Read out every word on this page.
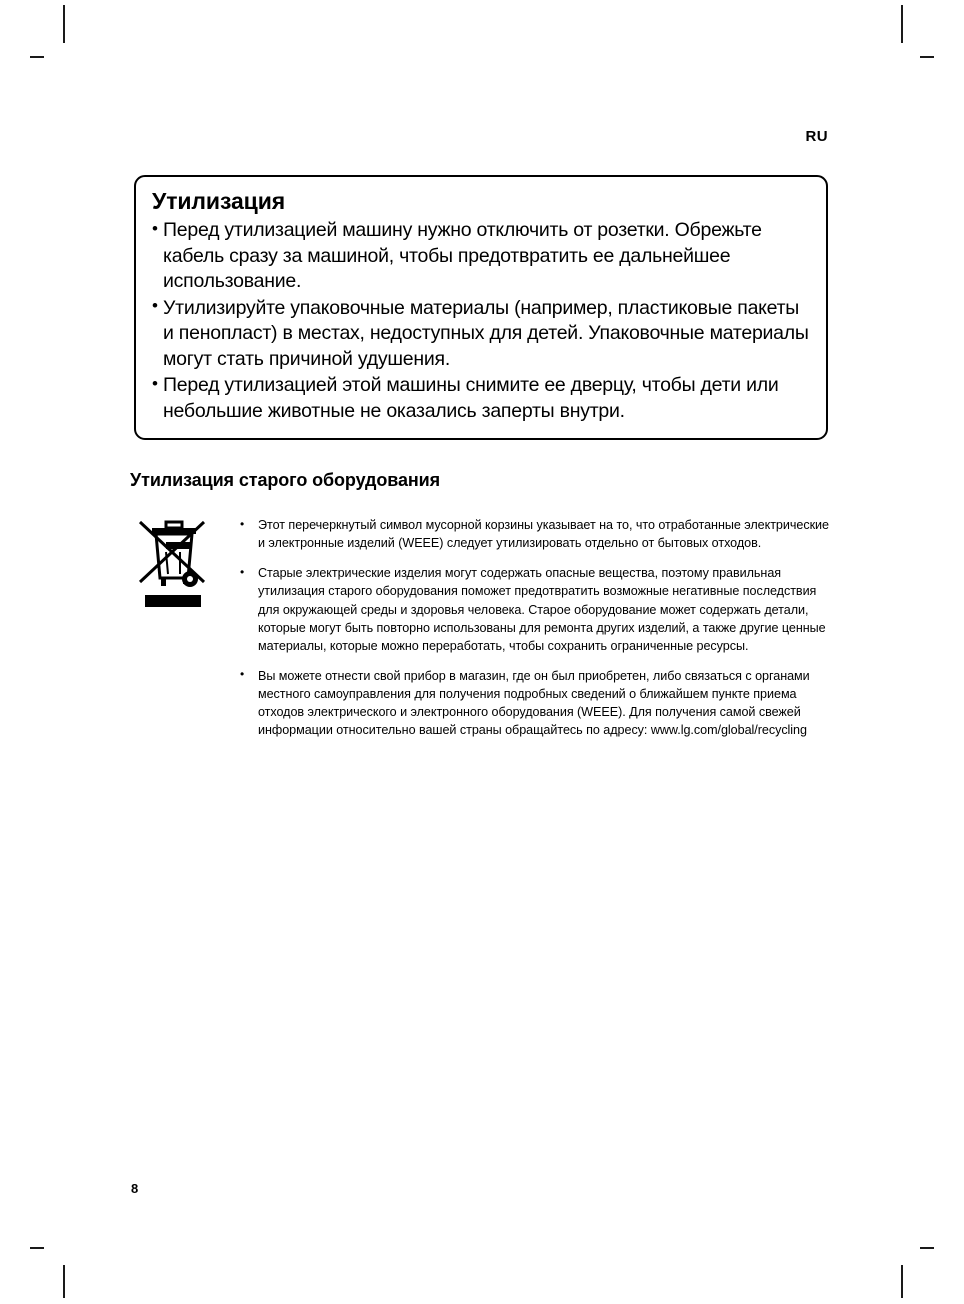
RU
Утилизация
• Перед утилизацией машину нужно отключить от розетки. Обрежьте кабель сразу за машиной, чтобы предотвратить ее дальнейшее использование.
• Утилизируйте упаковочные материалы (например, пластиковые пакеты и пенопласт) в местах, недоступных для детей. Упаковочные материалы могут стать причиной удушения.
• Перед утилизацией этой машины снимите ее дверцу, чтобы дети или небольшие животные не оказались заперты внутри.
Утилизация старого оборудования
• Этот перечеркнутый символ мусорной корзины указывает на то, что отработанные электрические и электронные изделий (WEEE) следует утилизировать отдельно от бытовых отходов.
• Старые электрические изделия могут содержать опасные вещества, поэтому правильная утилизация старого оборудования поможет предотвратить возможные негативные последствия для окружающей среды и здоровья человека. Старое оборудование может содержать детали, которые могут быть повторно использованы для ремонта других изделий, а также другие ценные материалы, которые можно переработать, чтобы сохранить ограниченные ресурсы.
• Вы можете отнести свой прибор в магазин, где он был приобретен, либо связаться с органами местного самоуправления для получения подробных сведений о ближайшем пункте приема отходов электрического и электронного оборудования (WEEE). Для получения самой свежей информации относительно вашей страны обращайтесь по адресу: www.lg.com/global/recycling
8
